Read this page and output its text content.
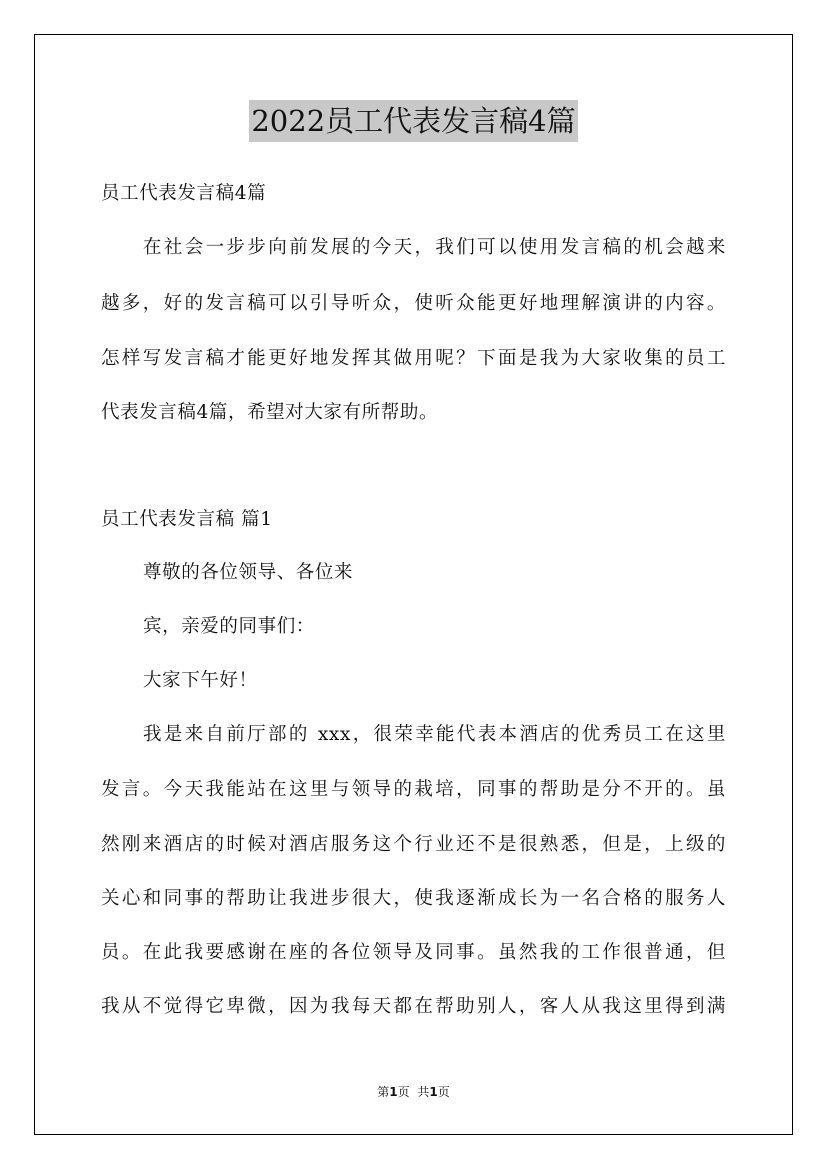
2022员工代表发言稿4篇
员工代表发言稿4篇
在社会一步步向前发展的今天，我们可以使用发言稿的机会越来
越多，好的发言稿可以引导听众，使听众能更好地理解演讲的内容。
怎样写发言稿才能更好地发挥其做用呢？下面是我为大家收集的员工
代表发言稿4篇，希望对大家有所帮助。
员工代表发言稿 篇1
尊敬的各位领导、各位来
宾，亲爱的同事们：
大家下午好！
我是来自前厅部的 xxx，很荣幸能代表本酒店的优秀员工在这里
发言。今天我能站在这里与领导的栽培，同事的帮助是分不开的。虽
然刚来酒店的时候对酒店服务这个行业还不是很熟悉，但是，上级的
关心和同事的帮助让我进步很大，使我逐渐成长为一名合格的服务人
员。在此我要感谢在座的各位领导及同事。虽然我的工作很普通，但
我从不觉得它卑微，因为我每天都在帮助别人，客人从我这里得到满
第1页 共1页
